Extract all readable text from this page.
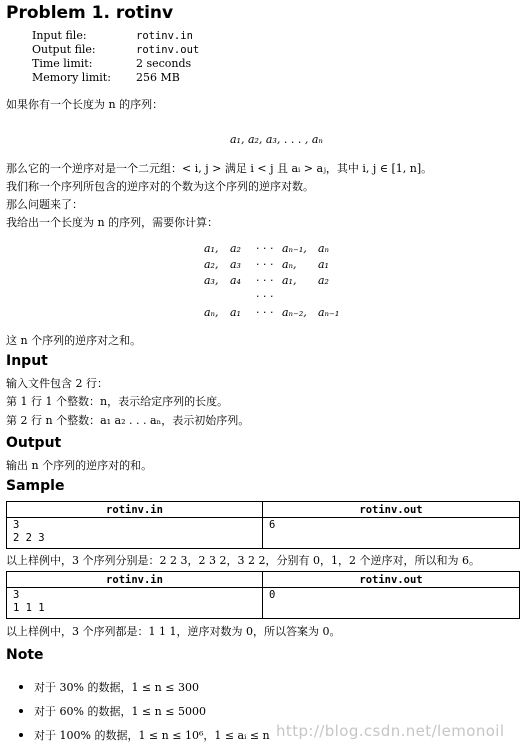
Problem 1. rotinv
Input file:	rotinv.in
Output file:	rotinv.out
Time limit:	2 seconds
Memory limit:	256 MB
如果你有一个长度为 n 的序列：
a₁, a₂, a₃, . . . , aₙ
那么它的一个逆序对是一个二元组：< i, j > 满足 i < j 且 aᵢ > aⱼ，其中 i, j ∈ [1, n]。
我们称一个序列所包含的逆序对的个数为这个序列的逆序对数。
那么问题来了：
我给出一个长度为 n 的序列，需要你计算：
a₁,	a₂	· · · aₙ₋₁,	aₙ
a₂,	a₃	· · · aₙ,	a₁
a₃,	a₄	· · · a₁,	a₂
· · ·
aₙ,	a₁	· · · aₙ₋₂,	aₙ₋₁
这 n 个序列的逆序对之和。
Input
输入文件包含 2 行：
第 1 行 1 个整数：n，表示给定序列的长度。
第 2 行 n 个整数：a₁ a₂ . . . aₙ，表示初始序列。
Output
输出 n 个序列的逆序对的和。
Sample
rotinv.in	rotinv.out

3
2 2 3	6
以上样例中，3 个序列分别是：2 2 3，2 3 2，3 2 2，分别有 0，1，2 个逆序对，所以和为 6。
rotinv.in	rotinv.out

3
1 1 1	0
以上样例中，3 个序列都是：1 1 1，逆序对数为 0，所以答案为 0。
Note
对于 30% 的数据，1 ≤ n ≤ 300
对于 60% 的数据，1 ≤ n ≤ 5000
对于 100% 的数据，1 ≤ n ≤ 10⁶，1 ≤ aᵢ ≤ n http://blog.csdn.net/lemonoil
